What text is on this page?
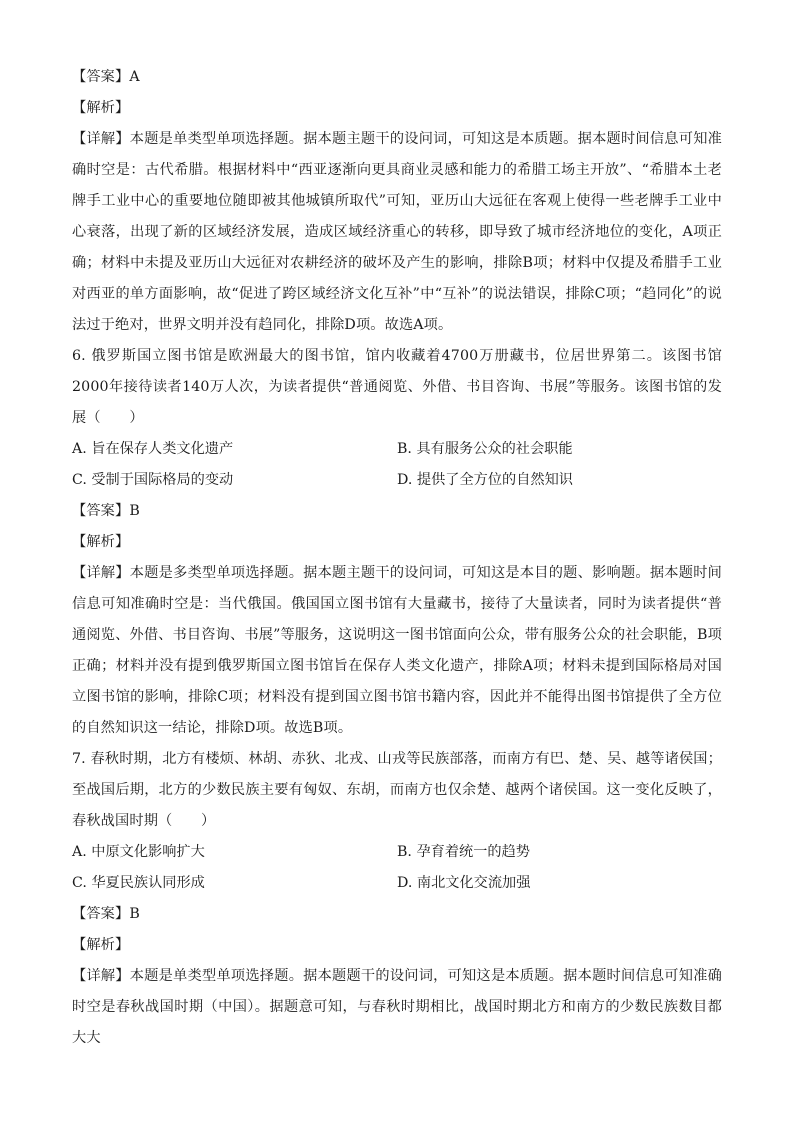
【答案】A

【解析】

【详解】本题是单类型单项选择题。据本题主题干的设问词，可知这是本质题。据本题时间信息可知准确时空是：古代希腊。根据材料中“西亚逐渐向更具商业灵感和能力的希腊工场主开放”、“希腊本土老牌手工业中心的重要地位随即被其他城镇所取代”可知，亚历山大远征在客观上使得一些老牌手工业中心衰落，出现了新的区域经济发展，造成区域经济重心的转移，即导致了城市经济地位的变化，A项正确；材料中未提及亚历山大远征对农耕经济的破坏及产生的影响，排除B项；材料中仅提及希腊手工业对西亚的单方面影响，故“促进了跨区域经济文化互补”中“互补”的说法错误，排除C项；“趋同化”的说法过于绝对，世界文明并没有趋同化，排除D项。故选A项。

6. 俄罗斯国立图书馆是欧洲最大的图书馆，馆内收藏着4700万册藏书，位居世界第二。该图书馆2000年接待读者140万人次，为读者提供“普通阅览、外借、书目咨询、书展”等服务。该图书馆的发展（　　）

A. 旨在保存人类文化遗产	B. 具有服务公众的社会职能
C. 受制于国际格局的变动	D. 提供了全方位的自然知识

【答案】B

【解析】

【详解】本题是多类型单项选择题。据本题主题干的设问词，可知这是本目的题、影响题。据本题时间信息可知准确时空是：当代俄国。俄国国立图书馆有大量藏书，接待了大量读者，同时为读者提供“普通阅览、外借、书目咨询、书展”等服务，这说明这一图书馆面向公众，带有服务公众的社会职能，B项正确；材料并没有提到俄罗斯国立图书馆旨在保存人类文化遗产，排除A项；材料未提到国际格局对国立图书馆的影响，排除C项；材料没有提到国立图书馆书籍内容，因此并不能得出图书馆提供了全方位的自然知识这一结论，排除D项。故选B项。

7. 春秋时期，北方有楼烦、林胡、赤狄、北戎、山戎等民族部落，而南方有巴、楚、吴、越等诸侯国；至战国后期，北方的少数民族主要有匈奴、东胡，而南方也仅余楚、越两个诸侯国。这一变化反映了，春秋战国时期（　　）

A. 中原文化影响扩大	B. 孕育着统一的趋势
C. 华夏民族认同形成	D. 南北文化交流加强

【答案】B

【解析】

【详解】本题是单类型单项选择题。据本题题干的设问词，可知这是本质题。据本题时间信息可知准确时空是春秋战国时期（中国）。据题意可知，与春秋时期相比，战国时期北方和南方的少数民族数目都大大
